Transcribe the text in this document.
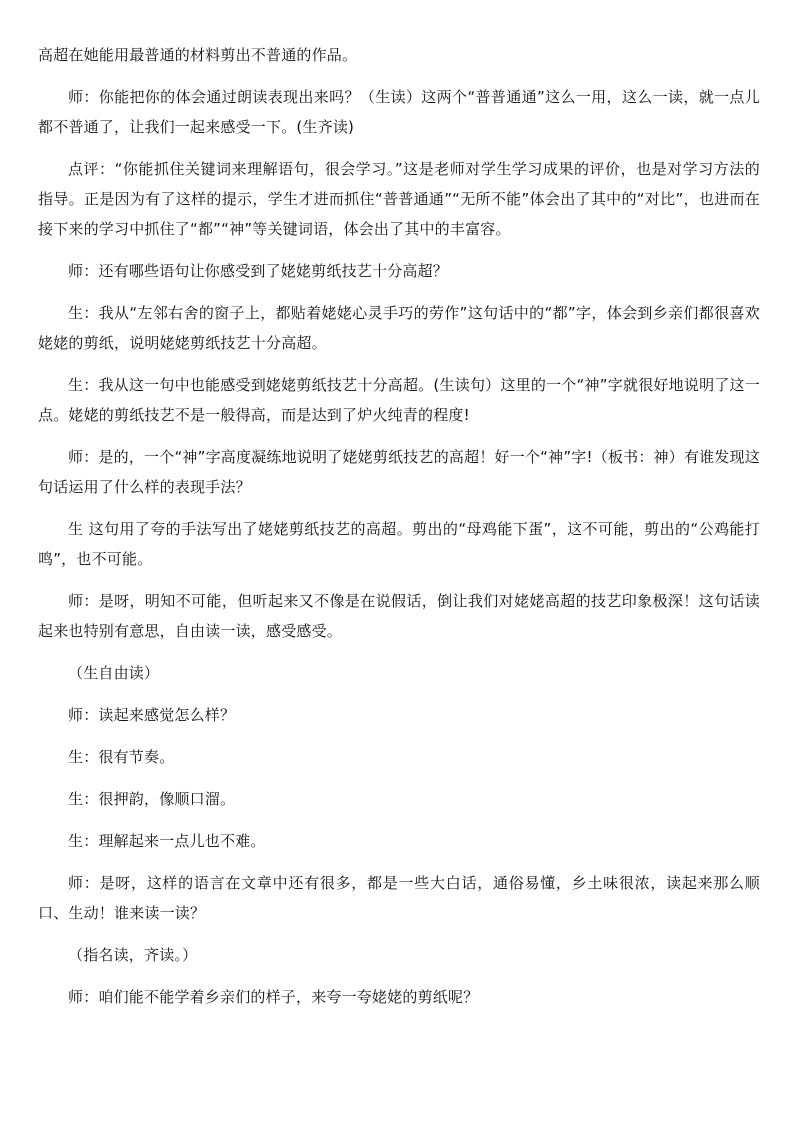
高超在她能用最普通的材料剪出不普通的作品。

师：你能把你的体会通过朗读表现出来吗？（生读）这两个“普普通通”这么一用，这么一读，就一点儿都不普通了，让我们一起来感受一下。(生齐读)

点评：“你能抓住关键词来理解语句，很会学习。”这是老师对学生学习成果的评价，也是对学习方法的指导。正是因为有了这样的提示，学生才进而抓住“普普通通”“无所不能”体会出了其中的“对比”，也进而在接下来的学习中抓住了“都”“神”等关键词语，体会出了其中的丰富容。

师：还有哪些语句让你感受到了姥姥剪纸技艺十分高超？

生：我从“左邻右舍的窗子上，都贴着姥姥心灵手巧的劳作”这句话中的“都”字，体会到乡亲们都很喜欢姥姥的剪纸，说明姥姥剪纸技艺十分高超。

生：我从这一句中也能感受到姥姥剪纸技艺十分高超。(生读句）这里的一个“神”字就很好地说明了这一点。姥姥的剪纸技艺不是一般得高，而是达到了炉火纯青的程度!

师：是的，一个“神”字高度凝练地说明了姥姥剪纸技艺的高超！好一个“神”字!（板书：神）有谁发现这句话运用了什么样的表现手法？

生 这句用了夸的手法写出了姥姥剪纸技艺的高超。剪出的“母鸡能下蛋”，这不可能，剪出的“公鸡能打鸣”，也不可能。

师：是呀，明知不可能，但听起来又不像是在说假话，倒让我们对姥姥高超的技艺印象极深！这句话读起来也特别有意思，自由读一读，感受感受。

（生自由读）

师：读起来感觉怎么样？

生：很有节奏。

生：很押韵，像顺口溜。

生：理解起来一点儿也不难。

师：是呀，这样的语言在文章中还有很多，都是一些大白话，通俗易懂，乡土味很浓，读起来那么顺口、生动！谁来读一读？

（指名读，齐读。）

师：咱们能不能学着乡亲们的样子，来夸一夸姥姥的剪纸呢？
